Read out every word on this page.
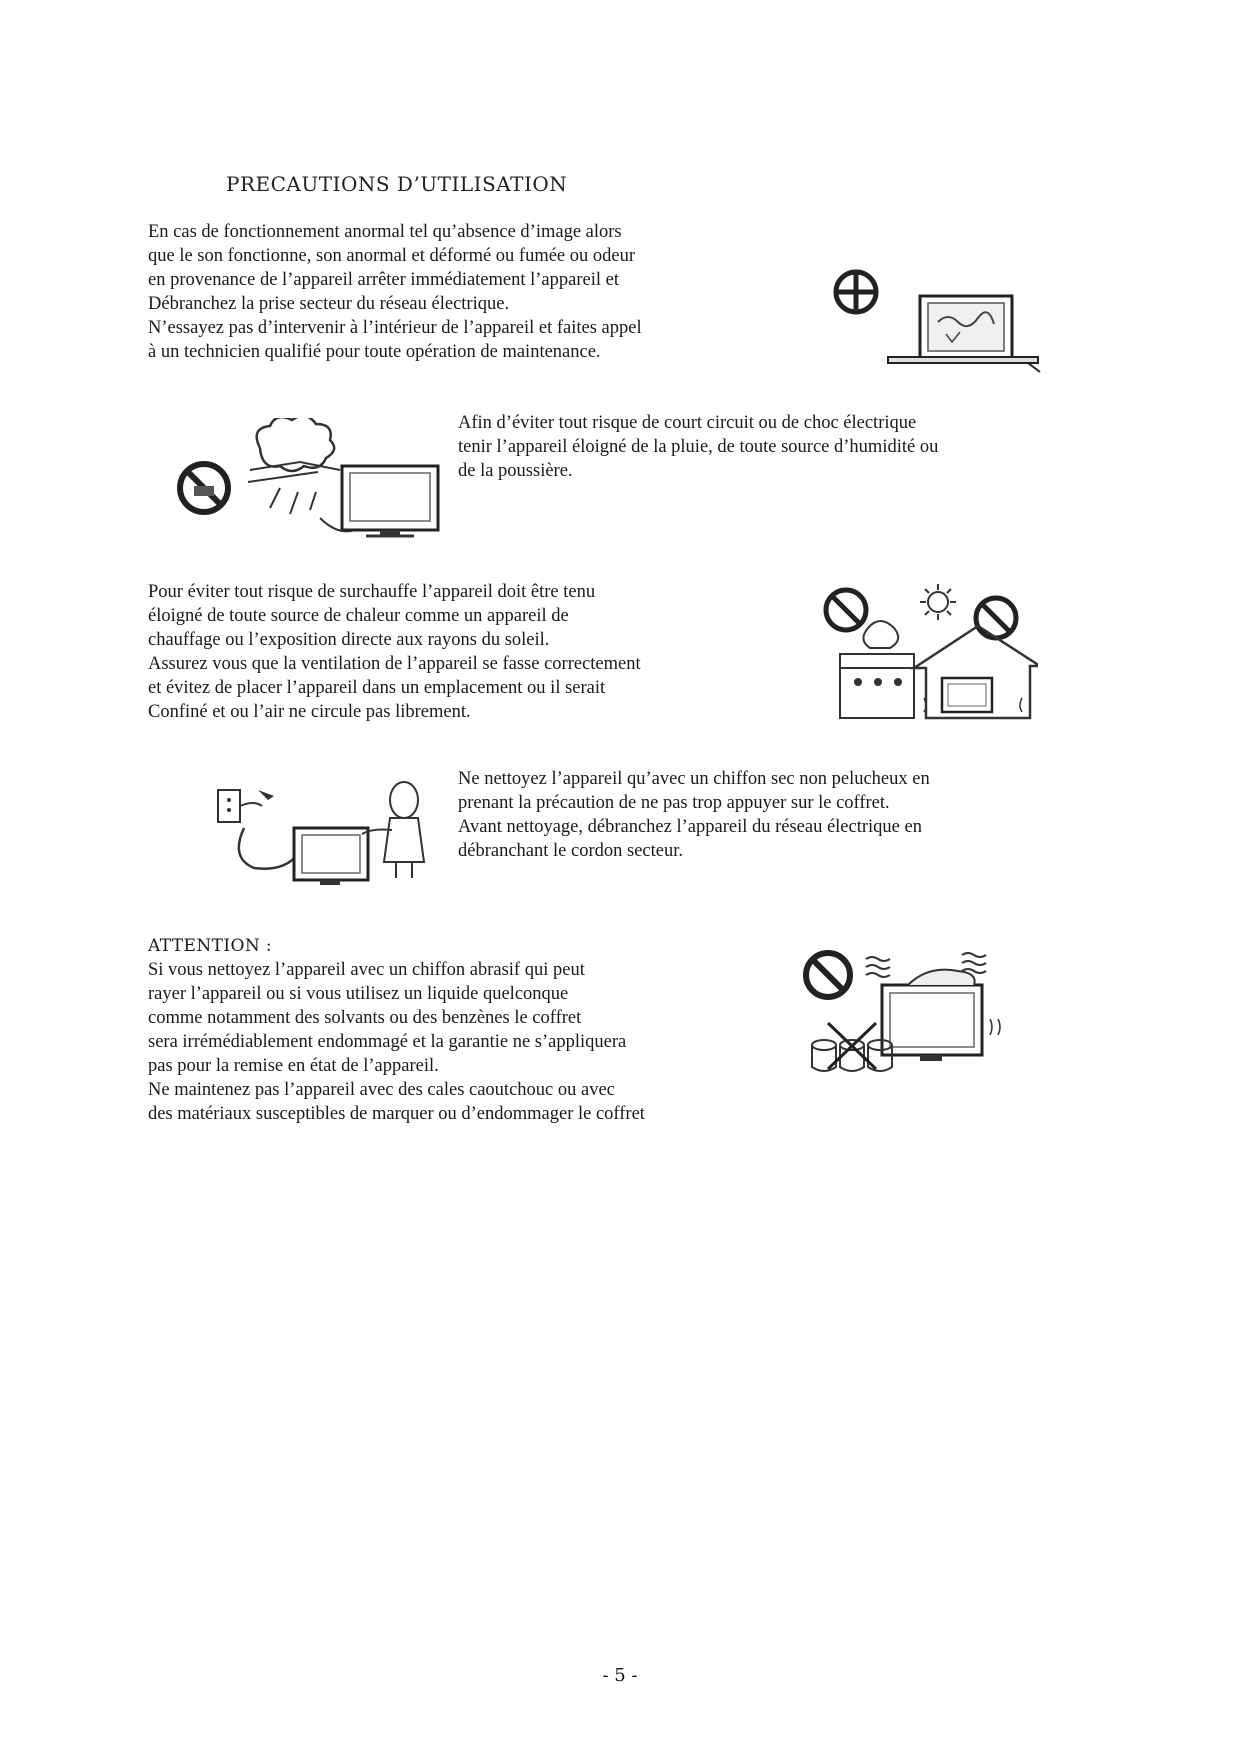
PRECAUTIONS D’UTILISATION
En cas de fonctionnement anormal tel qu’absence d’image alors
que le son fonctionne, son anormal et déformé ou fumée ou odeur
en provenance de l’appareil arrêter immédiatement l’appareil et
Débranchez la prise secteur du réseau électrique.
N’essayez pas d’intervenir à l’intérieur de l’appareil et faites appel
à un technicien qualifié pour toute opération de maintenance.
Afin d’éviter tout risque de court circuit ou de choc électrique
tenir l’appareil éloigné de la pluie, de toute source d’humidité ou
de la poussière.
Pour éviter tout risque de surchauffe l’appareil doit être tenu
éloigné de toute source de chaleur comme un appareil de
chauffage ou l’exposition directe aux rayons du soleil.
Assurez vous que la ventilation de l’appareil se fasse correctement
et évitez de placer l’appareil dans un emplacement ou il serait
Confiné et ou l’air ne circule pas librement.
Ne nettoyez l’appareil qu’avec un chiffon sec non pelucheux en
prenant la précaution de ne pas trop appuyer sur le coffret.
Avant nettoyage, débranchez l’appareil du réseau électrique en
débranchant le cordon secteur.
ATTENTION :
Si vous nettoyez l’appareil avec un chiffon abrasif qui peut
rayer l’appareil ou si vous utilisez un liquide quelconque
comme notamment des solvants ou des benzènes le coffret
sera irrémédiablement endommagé et la garantie ne s’appliquera
pas pour la remise en état de l’appareil.
Ne maintenez pas l’appareil avec des cales caoutchouc ou avec
des matériaux susceptibles de marquer ou d’endommager le coffret
- 5 -
